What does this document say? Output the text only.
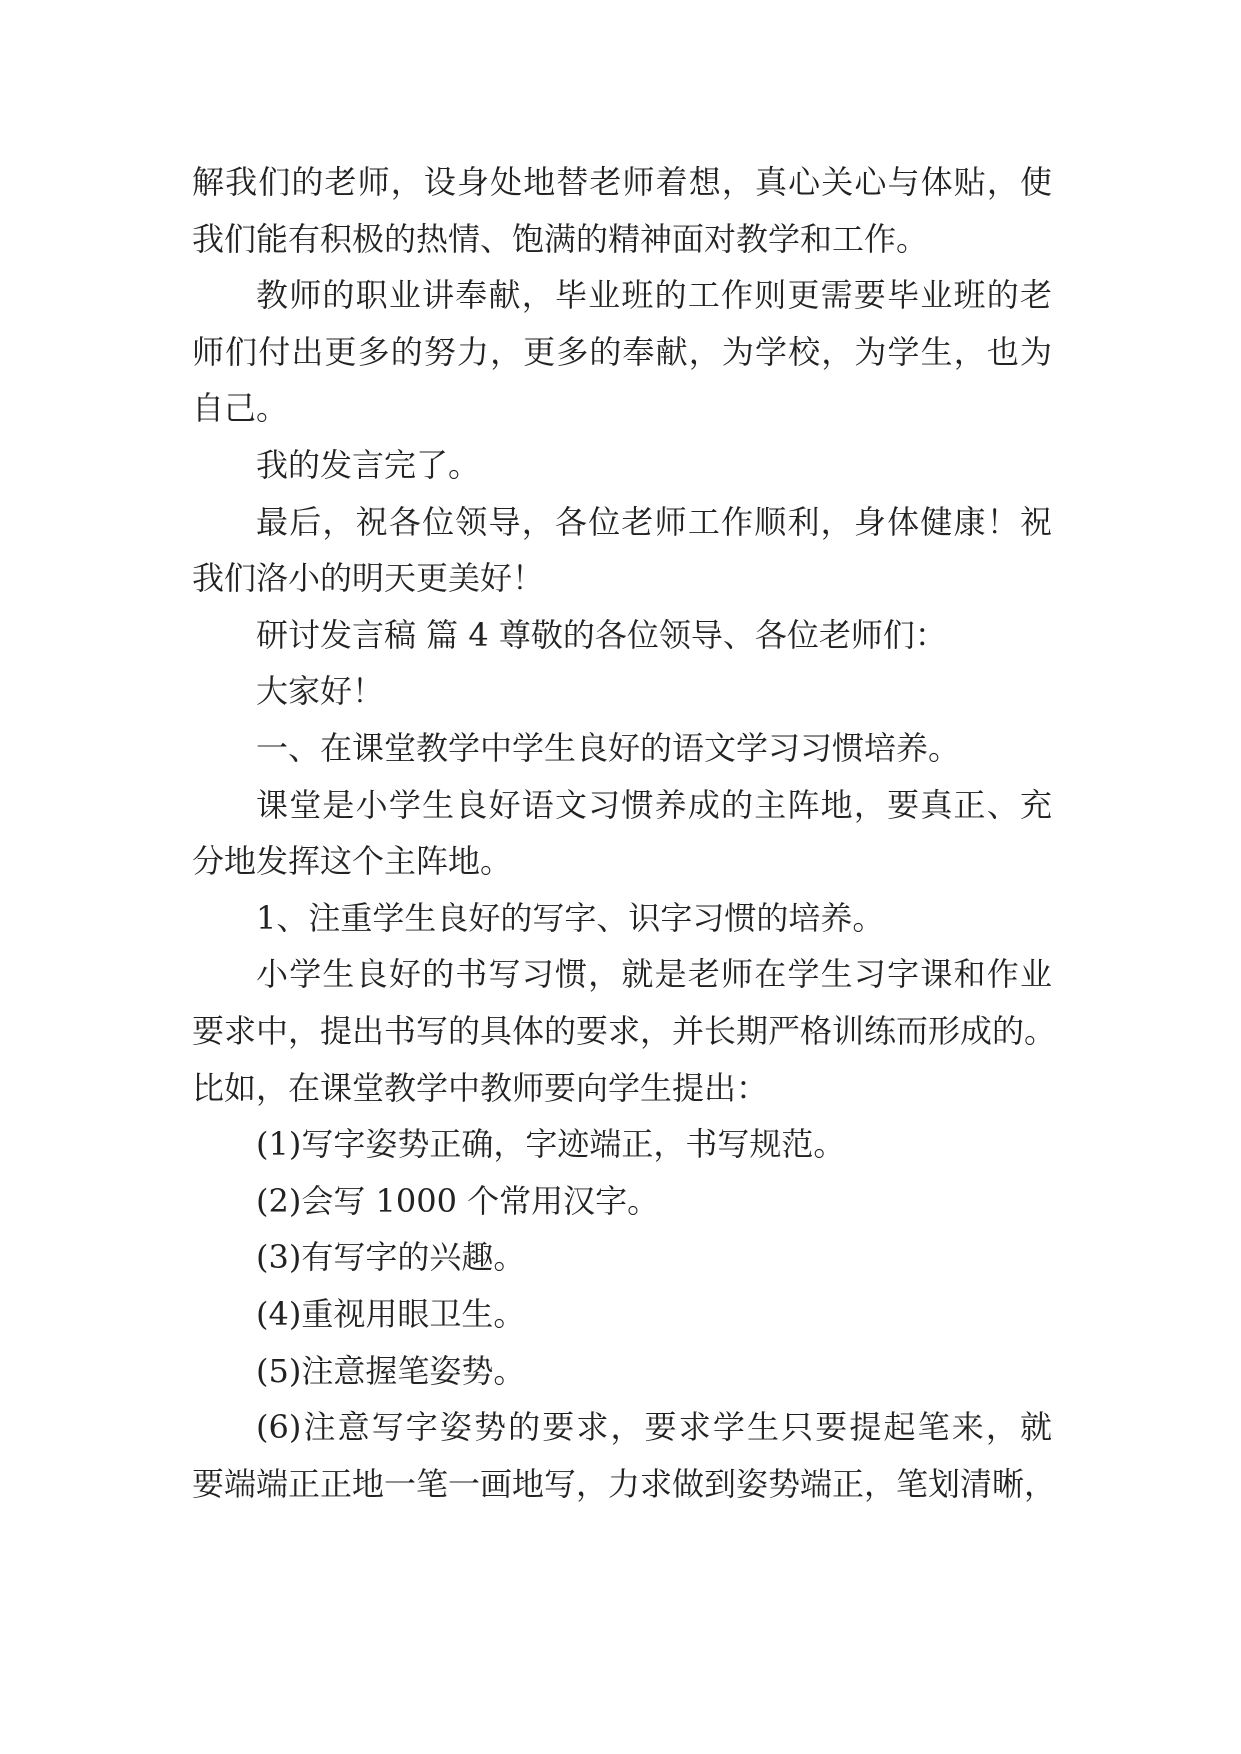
解我们的老师，设身处地替老师着想，真心关心与体贴，使
我们能有积极的热情、饱满的精神面对教学和工作。
教师的职业讲奉献，毕业班的工作则更需要毕业班的老
师们付出更多的努力，更多的奉献，为学校，为学生，也为
自己。
我的发言完了。
最后，祝各位领导，各位老师工作顺利，身体健康！祝
我们洛小的明天更美好！
研讨发言稿 篇 4 尊敬的各位领导、各位老师们：
大家好！
一、在课堂教学中学生良好的语文学习习惯培养。
课堂是小学生良好语文习惯养成的主阵地，要真正、充
分地发挥这个主阵地。
1、注重学生良好的写字、识字习惯的培养。
小学生良好的书写习惯，就是老师在学生习字课和作业
要求中，提出书写的具体的要求，并长期严格训练而形成的。
比如，在课堂教学中教师要向学生提出：
(1)写字姿势正确，字迹端正，书写规范。
(2)会写 1000 个常用汉字。
(3)有写字的兴趣。
(4)重视用眼卫生。
(5)注意握笔姿势。
(6)注意写字姿势的要求，要求学生只要提起笔来，就
要端端正正地一笔一画地写，力求做到姿势端正，笔划清晰，
